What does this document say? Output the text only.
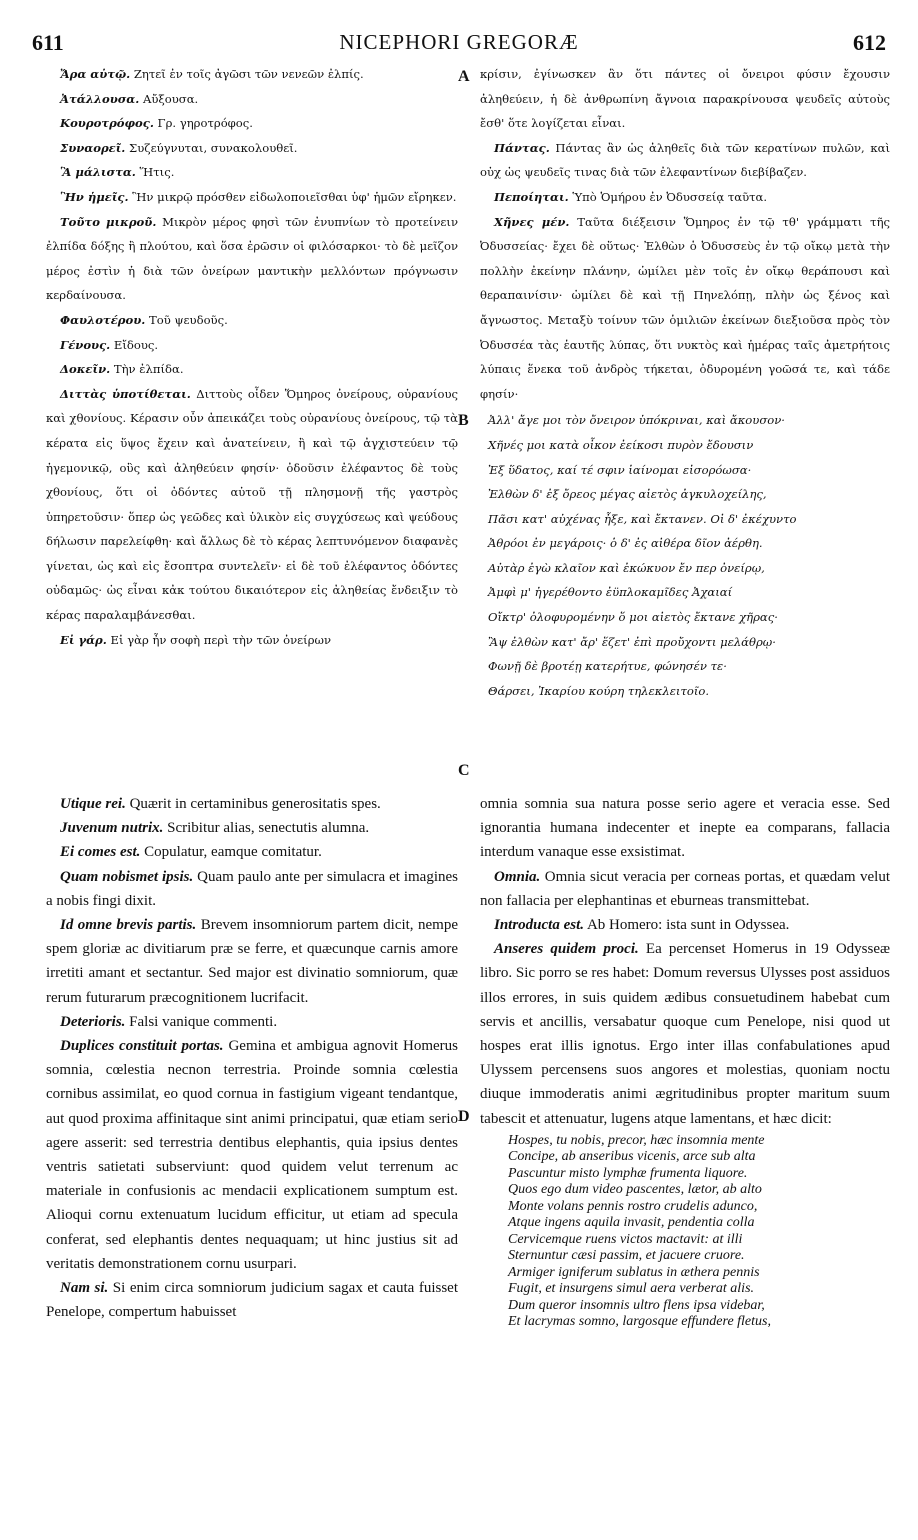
611	NICEPHORI GREGORÆ	612
A
B
C
D

Ἄρα αὐτῷ. Ζητεῖ ἐν τοῖς ἀγῶσι τῶν νενεῶν ἐλπίς.

Ἀτάλλουσα. Αὔξουσα.

Κουροτρόφος. Γρ. γηροτρόφος.

Συναορεῖ. Συζεύγνυται, συνακολουθεῖ.

Ἃ μάλιστα. Ἥτις.

Ἣν ἡμεῖς. Ἣν μικρῷ πρόσθεν εἰδωλοποιεῖσθαι ὑφ' ἡμῶν εἴρηκεν.

Τοῦτο μικροῦ. Μικρὸν μέρος φησὶ τῶν ἐνυπνίων τὸ προτείνειν ἐλπίδα δόξης ἢ πλούτου, καὶ ὅσα ἐρῶσιν οἱ φιλόσαρκοι· τὸ δὲ μεῖζον μέρος ἐστὶν ἡ διὰ τῶν ὀνείρων μαντικὴν μελλόντων πρόγνωσιν κερδαίνουσα.

Φαυλοτέρου. Τοῦ ψευδοῦς.

Γένους. Εἴδους.

Δοκεῖν. Τὴν ἐλπίδα.

Διττὰς ὑποτίθεται. Διττοὺς οἶδεν Ὅμηρος ὀνείρους, οὐρανίους καὶ χθονίους. Κέρασιν οὖν ἀπεικάζει τοὺς οὐρανίους ὀνείρους, τῷ τὰ κέρατα εἰς ὕψος ἔχειν καὶ ἀνατείνειν, ἢ καὶ τῷ ἀγχιστεύειν τῷ ἡγεμονικῷ, οὓς καὶ ἀληθεύειν φησίν· ὀδοῦσιν ἐλέφαντος δὲ τοὺς χθονίους, ὅτι οἱ ὀδόντες αὐτοῦ τῇ πλησμονῇ τῆς γαστρὸς ὑπηρετοῦσιν· ὅπερ ὡς γεῶδες καὶ ὑλικὸν εἰς συγχύσεως καὶ ψεύδους δήλωσιν παρελείφθη· καὶ ἄλλως δὲ τὸ κέρας λεπτυνόμενον διαφανὲς γίνεται, ὡς καὶ εἰς ἔσοπτρα συντελεῖν· εἰ δὲ τοῦ ἐλέφαντος ὀδόντες οὐδαμῶς· ὡς εἶναι κἀκ τούτου δικαιότερον εἰς ἀληθείας ἔνδειξιν τὸ κέρας παραλαμβάνεσθαι.

Εἰ γάρ. Εἰ γὰρ ἦν σοφὴ περὶ τὴν τῶν ὀνείρων

κρίσιν, ἐγίνωσκεν ἂν ὅτι πάντες οἱ ὄνειροι φύσιν ἔχουσιν ἀληθεύειν, ἡ δὲ ἀνθρωπίνη ἄγνοια παρακρίνουσα ψευδεῖς αὐτοὺς ἔσθ' ὅτε λογίζεται εἶναι.

Πάντας. Πάντας ἂν ὡς ἀληθεῖς διὰ τῶν κερατίνων πυλῶν, καὶ οὐχ ὡς ψευδεῖς τινας διὰ τῶν ἐλεφαντίνων διεβίβαζεν.

Πεποίηται. Ὑπὸ Ὁμήρου ἐν Ὀδυσσείᾳ ταῦτα.

Χῆνες μέν. Ταῦτα διέξεισιν Ὅμηρος ἐν τῷ τθ' γράμματι τῆς Ὀδυσσείας· ἔχει δὲ οὕτως· Ἐλθὼν ὁ Ὀδυσσεὺς ἐν τῷ οἴκῳ μετὰ τὴν πολλὴν ἐκείνην πλάνην, ὡμίλει μὲν τοῖς ἐν οἴκῳ θεράπουσι καὶ θεραπαινίσιν· ὡμίλει δὲ καὶ τῇ Πηνελόπῃ, πλὴν ὡς ξένος καὶ ἄγνωστος. Μεταξὺ τοίνυν τῶν ὁμιλιῶν ἐκείνων διεξιοῦσα πρὸς τὸν Ὀδυσσέα τὰς ἑαυτῆς λύπας, ὅτι νυκτὸς καὶ ἡμέρας ταῖς ἀμετρήτοις λύπαις ἕνεκα τοῦ ἀνδρὸς τήκεται, ὀδυρομένη γοῶσά τε, καὶ τάδε φησίν·

Ἀλλ' ἄγε μοι τὸν ὄνειρον ὑπόκριναι, καὶ ἄκουσον·
Χῆνές μοι κατὰ οἶκον ἐείκοσι πυρὸν ἔδουσιν
Ἐξ ὕδατος, καί τέ σφιν ἰαίνομαι εἰσορόωσα·
Ἐλθὼν δ' ἐξ ὄρεος μέγας αἰετὸς ἀγκυλοχείλης,
Πᾶσι κατ' αὐχένας ἦξε, καὶ ἔκτανεν. Οἱ δ' ἐκέχυντο
Ἀθρόοι ἐν μεγάροις· ὁ δ' ἐς αἰθέρα δῖον ἀέρθη.
Αὐτὰρ ἐγὼ κλαῖον καὶ ἐκώκυον ἔν περ ὀνείρῳ,
Ἀμφὶ μ' ἠγερέθοντο ἐϋπλοκαμῖδες Ἀχαιαί
Οἴκτρ' ὀλοφυρομένην ὅ μοι αἰετὸς ἔκτανε χῆρας·
Ἂψ ἐλθὼν κατ' ἄρ' ἕζετ' ἐπὶ προὔχοντι μελάθρῳ·
Φωνῇ δὲ βροτέῃ κατερήτυε, φώνησέν τε·
Θάρσει, Ἰκαρίου κούρη τηλεκλειτοῖο.

Utique rei. Quærit in certaminibus generositatis spes.

Juvenum nutrix. Scribitur alias, senectutis alumna.

Ei comes est. Copulatur, eamque comitatur.

Quam nobismet ipsis. Quam paulo ante per simulacra et imagines a nobis fingi dixit.

Id omne brevis partis. Brevem insomniorum partem dicit, nempe spem gloriæ ac divitiarum præ se ferre, et quæcunque carnis amore irretiti amant et sectantur. Sed major est divinatio somniorum, quæ rerum futurarum præcognitionem lucrifacit.

Deterioris. Falsi vanique commenti.

Duplices constituit portas. Gemina et ambigua agnovit Homerus somnia, cœlestia necnon terrestria. Proinde somnia cœlestia cornibus assimilat, eo quod cornua in fastigium vigeant tendantque, aut quod proxima affinitaque sint animi principatui, quæ etiam serio agere asserit: sed terrestria dentibus elephantis, quia ipsius dentes ventris satietati subserviunt: quod quidem velut terrenum ac materiale in confusionis ac mendacii explicationem sumptum est. Alioqui cornu extenuatum lucidum efficitur, ut etiam ad specula conferat, sed elephantis dentes nequaquam; ut hinc justius sit ad veritatis demonstrationem cornu usurpari.

Nam si. Si enim circa somniorum judicium sagax et cauta fuisset Penelope, compertum habuisset

omnia somnia sua natura posse serio agere et veracia esse. Sed ignorantia humana indecenter et inepte ea comparans, fallacia interdum vanaque esse exsistimat.

Omnia. Omnia sicut veracia per corneas portas, et quædam velut non fallacia per elephantinas et eburneas transmittebat.

Introducta est. Ab Homero: ista sunt in Odyssea.

Anseres quidem proci. Ea percenset Homerus in 19 Odysseæ libro. Sic porro se res habet: Domum reversus Ulysses post assiduos illos errores, in suis quidem ædibus consuetudinem habebat cum servis et ancillis, versabatur quoque cum Penelope, nisi quod ut hospes erat illis ignotus. Ergo inter illas confabulationes apud Ulyssem percensens suos angores et molestias, quoniam noctu diuque immoderatis animi ægritudinibus propter maritum suum tabescit et attenuatur, lugens atque lamentans, et hæc dicit:

Hospes, tu nobis, precor, hæc insomnia mente
Concipe, ab anseribus vicenis, arce sub alta
Pascuntur misto lymphæ frumenta liquore.
Quos ego dum video pascentes, lætor, ab alto
Monte volans pennis rostro crudelis adunco,
Atque ingens aquila invasit, pendentia colla
Cervicemque ruens victos mactavit: at illi
Sternuntur cæsi passim, et jacuere cruore.
Armiger igniferum sublatus in æthera pennis
Fugit, et insurgens simul aera verberat alis.
Dum queror insomnis ultro flens ipsa videbar,
Et lacrymas somno, largosque effundere fletus,
